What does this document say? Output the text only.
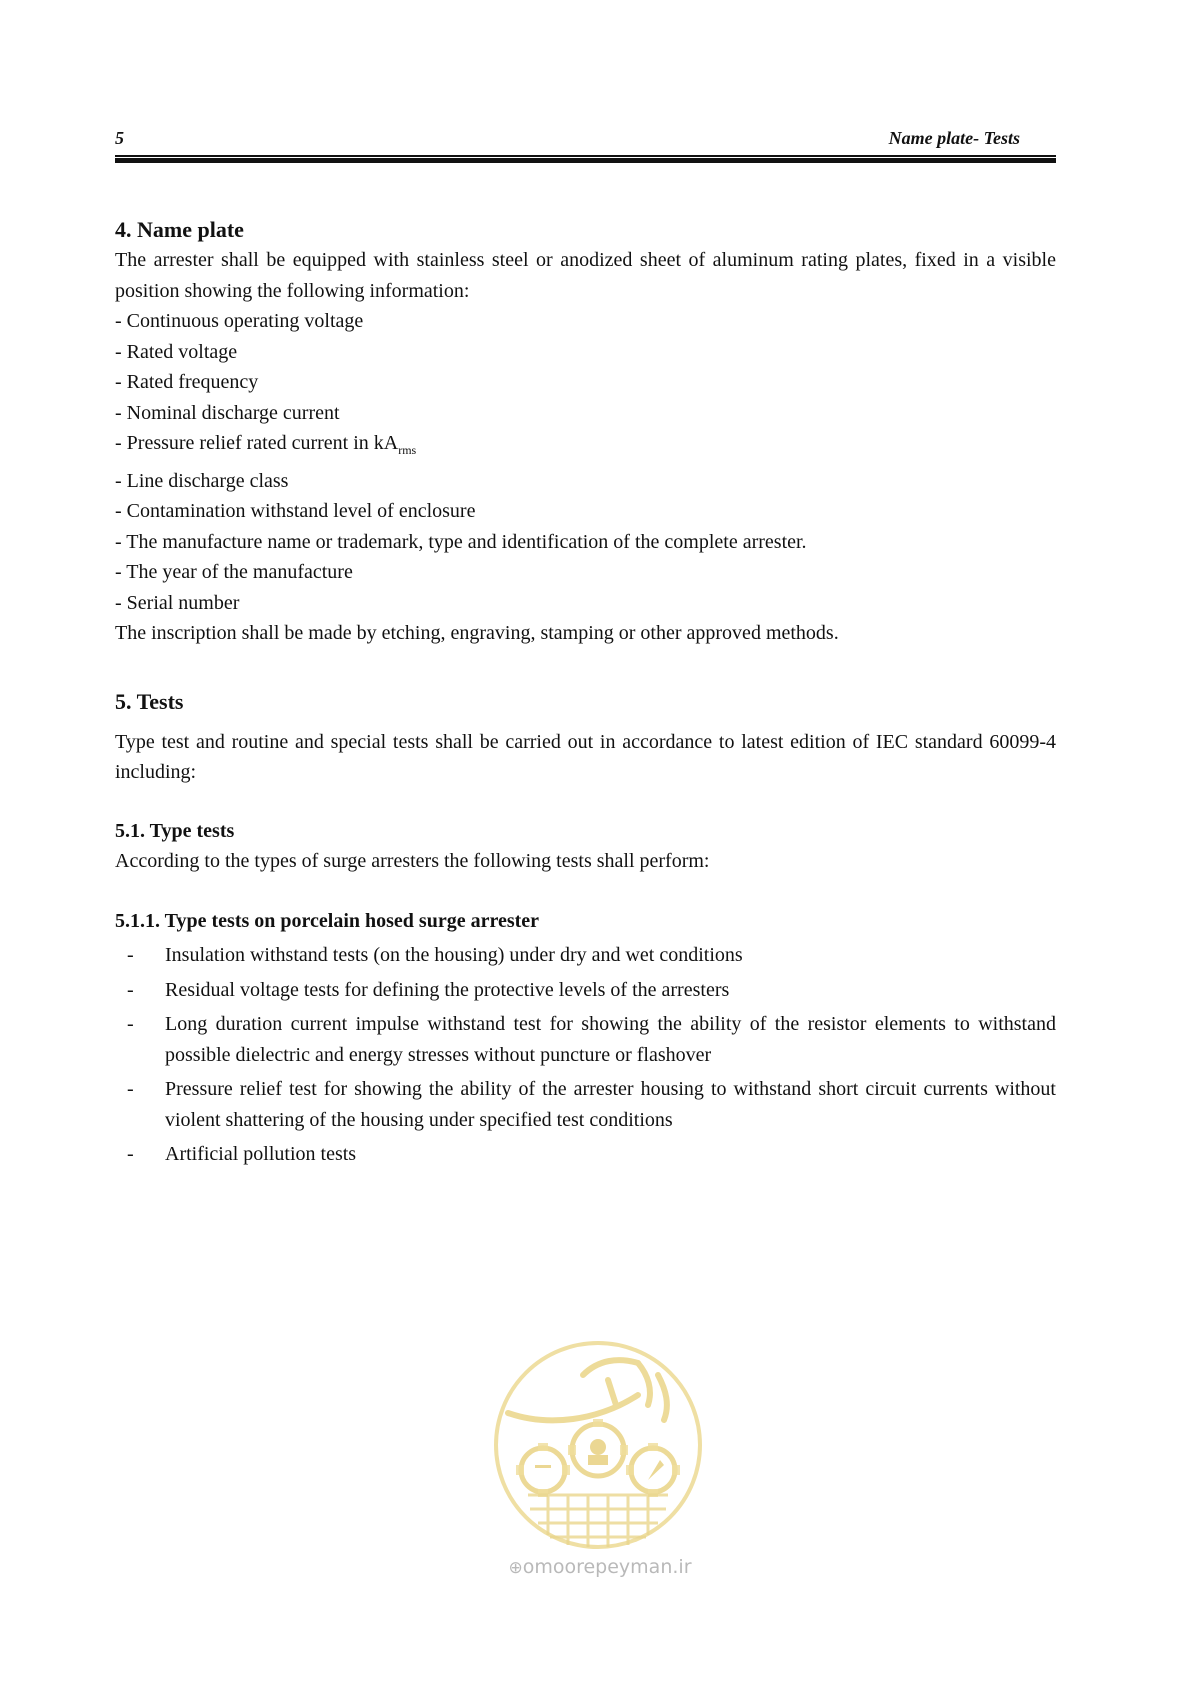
5	Name plate- Tests
4. Name plate

The arrester shall be equipped with stainless steel or anodized sheet of aluminum rating plates, fixed in a visible position showing the following information:

- Continuous operating voltage
- Rated voltage
- Rated frequency
- Nominal discharge current
- Pressure relief rated current in $kA_{rms}$
- Line discharge class
- Contamination withstand level of enclosure
- The manufacture name or trademark, type and identification of the complete arrester.
- The year of the manufacture
- Serial number

The inscription shall be made by etching, engraving, stamping or other approved methods.

5. Tests

Type test and routine and special tests shall be carried out in accordance to latest edition of IEC standard 60099-4 including:

5.1. Type tests

According to the types of surge arresters the following tests shall perform:

5.1.1. Type tests on porcelain hosed surge arrester
- Insulation withstand tests (on the housing) under dry and wet conditions
- Residual voltage tests for defining the protective levels of the arresters
- Long duration current impulse withstand test for showing the ability of the resistor elements to withstand possible dielectric and energy stresses without puncture or flashover
- Pressure relief test for showing the ability of the arrester housing to withstand short circuit currents without violent shattering of the housing under specified test conditions
- Artificial pollution tests
⊕omoorepeyman.ir
